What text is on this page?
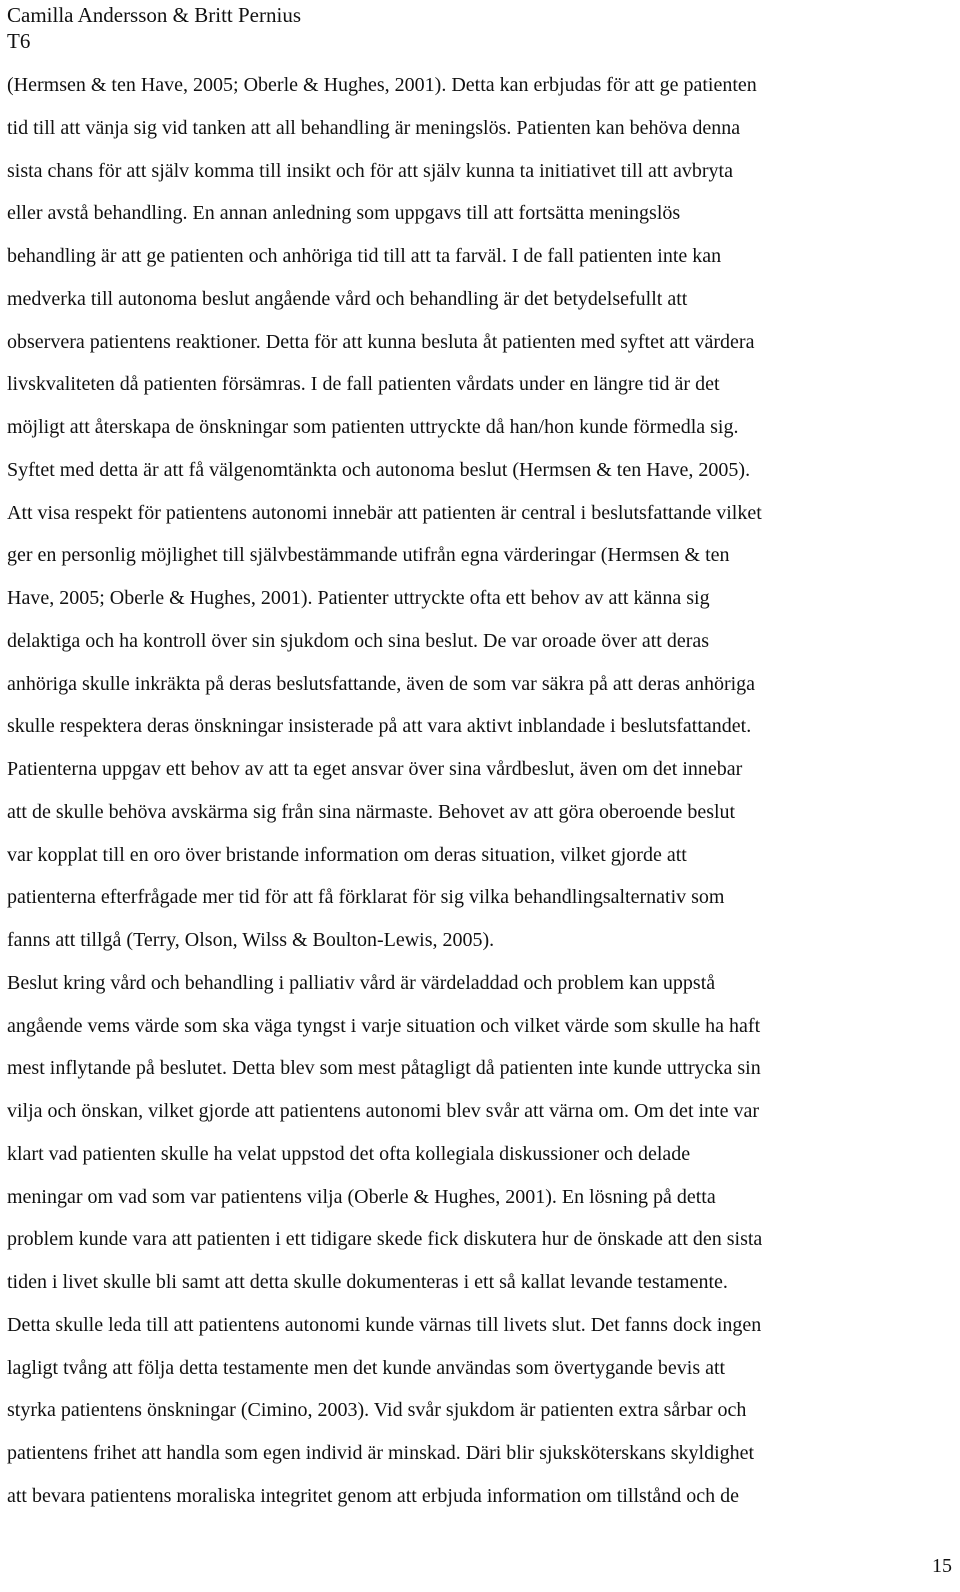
Camilla Andersson & Britt Pernius
T6
(Hermsen & ten Have, 2005; Oberle & Hughes, 2001). Detta kan erbjudas för att ge patienten
tid till att vänja sig vid tanken att all behandling är meningslös. Patienten kan behöva denna
sista chans för att själv komma till insikt och för att själv kunna ta initiativet till att avbryta
eller avstå behandling. En annan anledning som uppgavs till att fortsätta meningslös
behandling är att ge patienten och anhöriga tid till att ta farväl. I de fall patienten inte kan
medverka till autonoma beslut angående vård och behandling är det betydelsefullt att
observera patientens reaktioner. Detta för att kunna besluta åt patienten med syftet att värdera
livskvaliteten då patienten försämras. I de fall patienten vårdats under en längre tid är det
möjligt att återskapa de önskningar som patienten uttryckte då han/hon kunde förmedla sig.
Syftet med detta är att få välgenomtänkta och autonoma beslut (Hermsen & ten Have, 2005).
Att visa respekt för patientens autonomi innebär att patienten är central i beslutsfattande vilket
ger en personlig möjlighet till självbestämmande utifrån egna värderingar (Hermsen & ten
Have, 2005; Oberle & Hughes, 2001). Patienter uttryckte ofta ett behov av att känna sig
delaktiga och ha kontroll över sin sjukdom och sina beslut. De var oroade över att deras
anhöriga skulle inkräkta på deras beslutsfattande, även de som var säkra på att deras anhöriga
skulle respektera deras önskningar insisterade på att vara aktivt inblandade i beslutsfattandet.
Patienterna uppgav ett behov av att ta eget ansvar över sina vårdbeslut, även om det innebar
att de skulle behöva avskärma sig från sina närmaste. Behovet av att göra oberoende beslut
var kopplat till en oro över bristande information om deras situation, vilket gjorde att
patienterna efterfrågade mer tid för att få förklarat för sig vilka behandlingsalternativ som
fanns att tillgå (Terry, Olson, Wilss & Boulton-Lewis, 2005).
Beslut kring vård och behandling i palliativ vård är värdeladdad och problem kan uppstå
angående vems värde som ska väga tyngst i varje situation och vilket värde som skulle ha haft
mest inflytande på beslutet. Detta blev som mest påtagligt då patienten inte kunde uttrycka sin
vilja och önskan, vilket gjorde att patientens autonomi blev svår att värna om. Om det inte var
klart vad patienten skulle ha velat uppstod det ofta kollegiala diskussioner och delade
meningar om vad som var patientens vilja (Oberle & Hughes, 2001). En lösning på detta
problem kunde vara att patienten i ett tidigare skede fick diskutera hur de önskade att den sista
tiden i livet skulle bli samt att detta skulle dokumenteras i ett så kallat levande testamente.
Detta skulle leda till att patientens autonomi kunde värnas till livets slut. Det fanns dock ingen
lagligt tvång att följa detta testamente men det kunde användas som övertygande bevis att
styrka patientens önskningar (Cimino, 2003). Vid svår sjukdom är patienten extra sårbar och
patientens frihet att handla som egen individ är minskad. Däri blir sjuksköterskans skyldighet
att bevara patientens moraliska integritet genom att erbjuda information om tillstånd och de
15
